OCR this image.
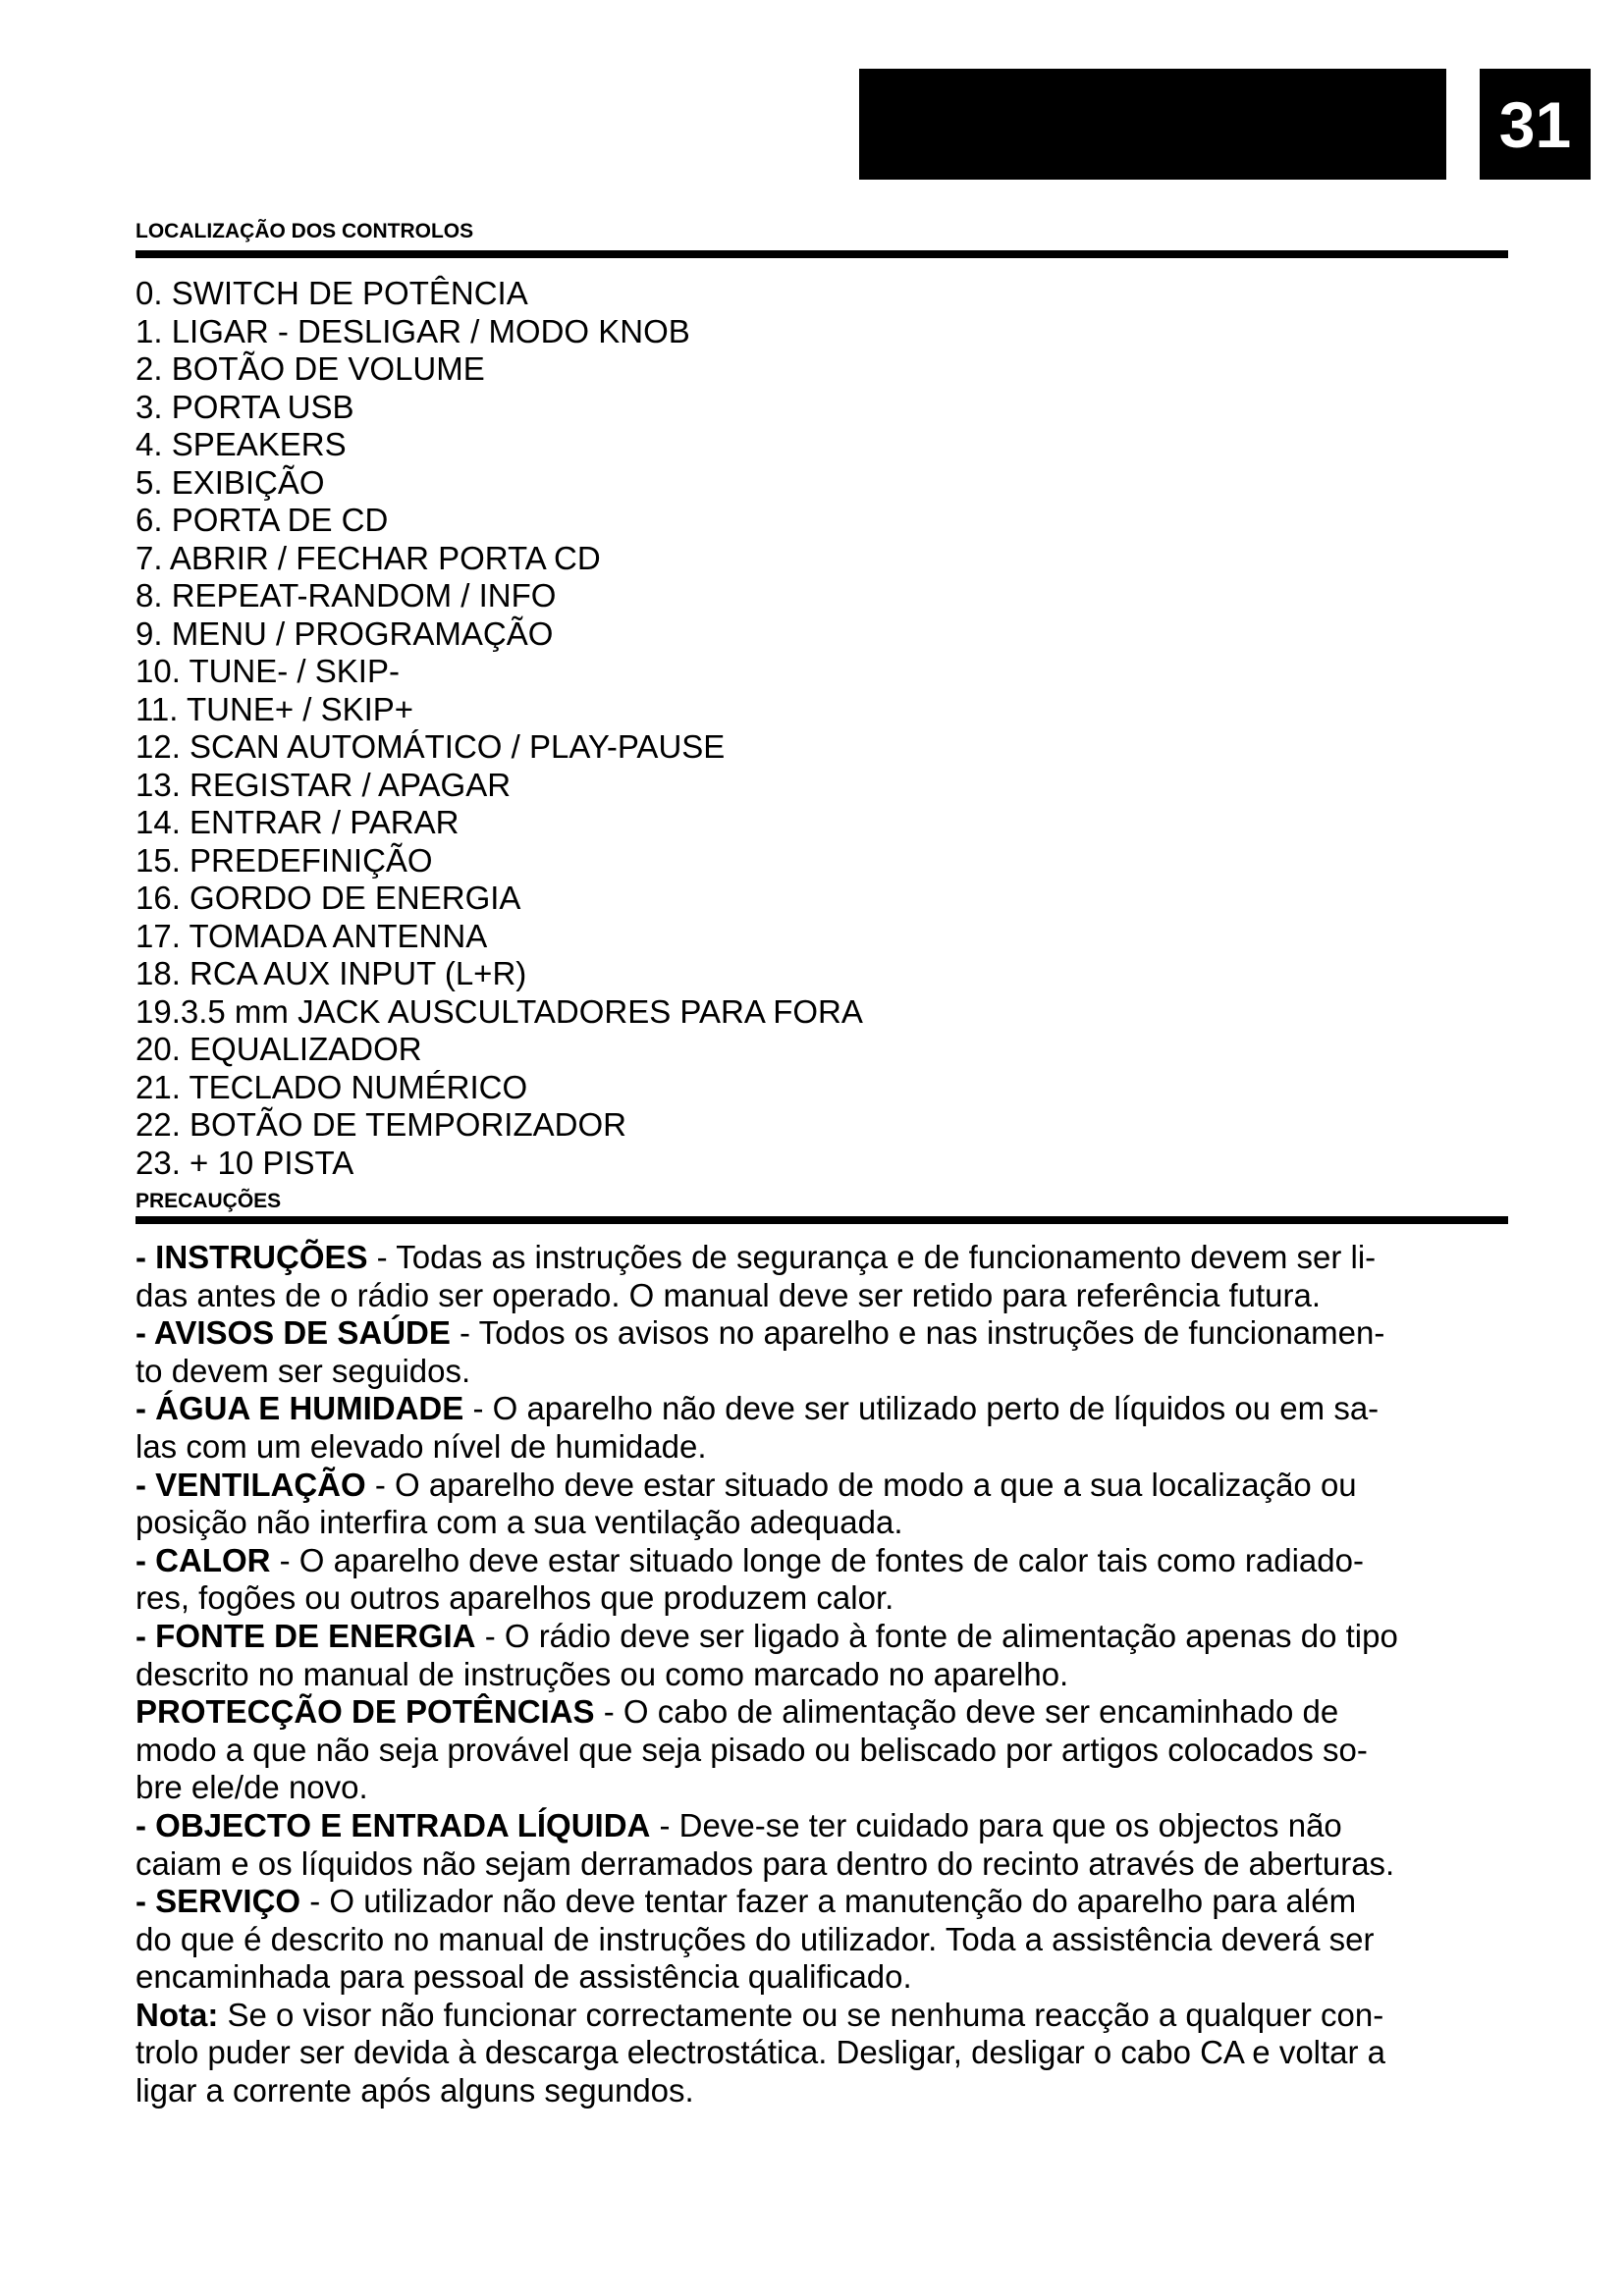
31
LOCALIZAÇÃO DOS CONTROLOS
0. SWITCH DE POTÊNCIA
1. LIGAR - DESLIGAR / MODO KNOB
2. BOTÃO DE VOLUME
3. PORTA USB
4. SPEAKERS
5. EXIBIÇÃO
6. PORTA DE CD
7. ABRIR / FECHAR PORTA CD
8. REPEAT-RANDOM / INFO
9. MENU / PROGRAMAÇÃO
10. TUNE- / SKIP-
11. TUNE+ / SKIP+
12. SCAN AUTOMÁTICO / PLAY-PAUSE
13. REGISTAR / APAGAR
14. ENTRAR / PARAR
15. PREDEFINIÇÃO
16. GORDO DE ENERGIA
17. TOMADA ANTENNA
18. RCA AUX INPUT (L+R)
19.3.5 mm JACK AUSCULTADORES PARA FORA
20. EQUALIZADOR
21. TECLADO NUMÉRICO
22. BOTÃO DE TEMPORIZADOR
23. + 10 PISTA
PRECAUÇÕES

- INSTRUÇÕES - Todas as instruções de segurança e de funcionamento devem ser li-

das antes de o rádio ser operado. O manual deve ser retido para referência futura.

- AVISOS DE SAÚDE - Todos os avisos no aparelho e nas instruções de funcionamen-

to devem ser seguidos.

- ÁGUA E HUMIDADE - O aparelho não deve ser utilizado perto de líquidos ou em sa-

las com um elevado nível de humidade.

- VENTILAÇÃO - O aparelho deve estar situado de modo a que a sua localização ou

posição não interfira com a sua ventilação adequada.

- CALOR - O aparelho deve estar situado longe de fontes de calor tais como radiado-

res, fogões ou outros aparelhos que produzem calor.

- FONTE DE ENERGIA - O rádio deve ser ligado à fonte de alimentação apenas do tipo

descrito no manual de instruções ou como marcado no aparelho.

PROTECÇÃO DE POTÊNCIAS - O cabo de alimentação deve ser encaminhado de

modo a que não seja provável que seja pisado ou beliscado por artigos colocados so-

bre ele/de novo.

- OBJECTO E ENTRADA LÍQUIDA - Deve-se ter cuidado para que os objectos não

caiam e os líquidos não sejam derramados para dentro do recinto através de aberturas.

- SERVIÇO - O utilizador não deve tentar fazer a manutenção do aparelho para além

do que é descrito no manual de instruções do utilizador. Toda a assistência deverá ser

encaminhada para pessoal de assistência qualificado.

Nota: Se o visor não funcionar correctamente ou se nenhuma reacção a qualquer con-

trolo puder ser devida à descarga electrostática. Desligar, desligar o cabo CA e voltar a

ligar a corrente após alguns segundos.
